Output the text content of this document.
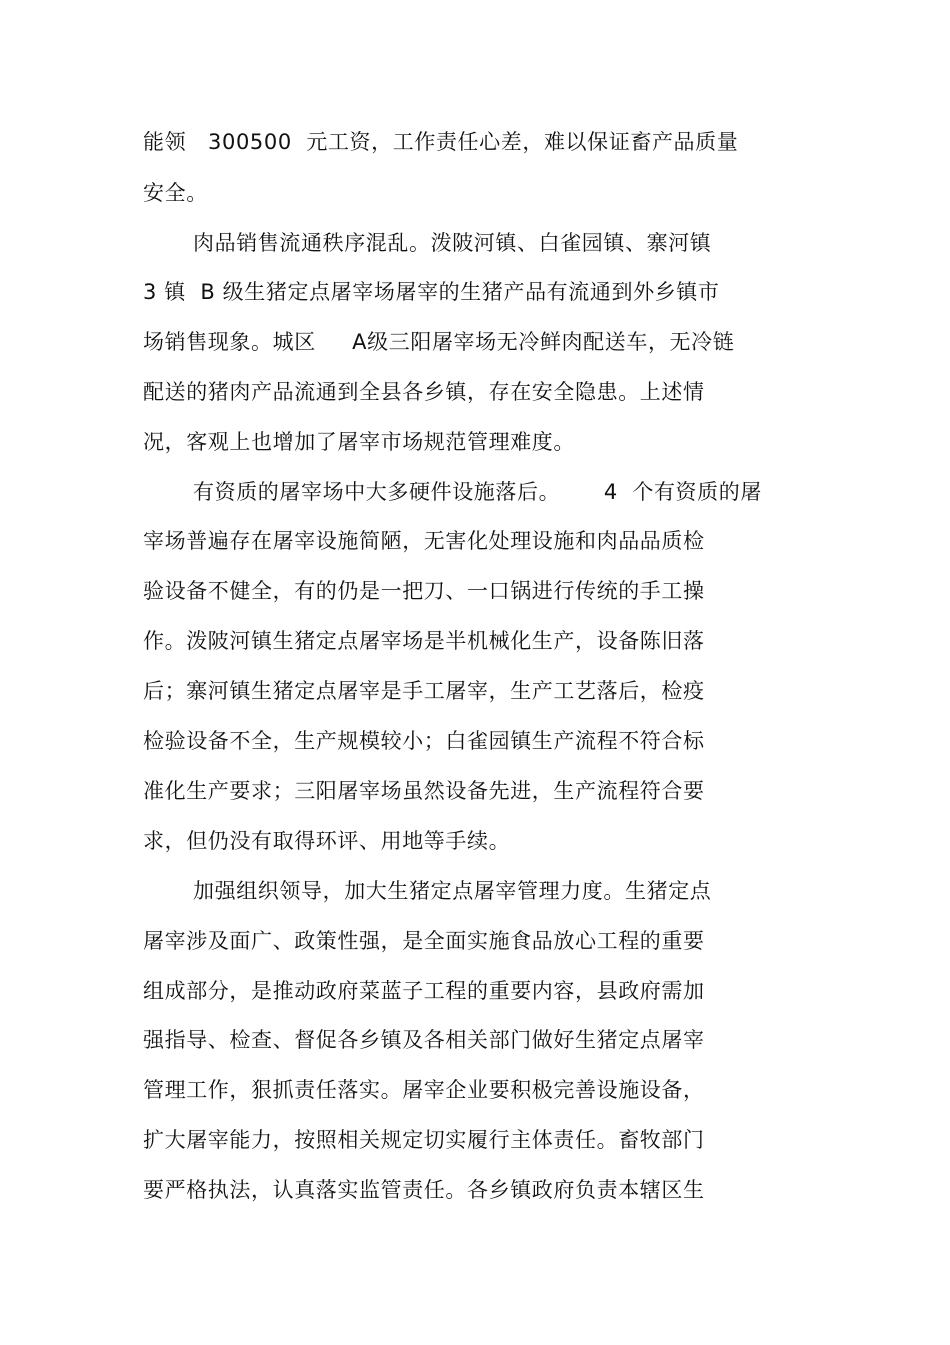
能领   300500  元工资，工作责任心差，难以保证畜产品质量
安全。
肉品销售流通秩序混乱。泼陂河镇、白雀园镇、寨河镇
3 镇  B 级生猪定点屠宰场屠宰的生猪产品有流通到外乡镇市
场销售现象。城区     A级三阳屠宰场无冷鲜肉配送车，无冷链
配送的猪肉产品流通到全县各乡镇，存在安全隐患。上述情
况，客观上也增加了屠宰市场规范管理难度。
有资质的屠宰场中大多硬件设施落后。      4  个有资质的屠
宰场普遍存在屠宰设施简陋，无害化处理设施和肉品品质检
验设备不健全，有的仍是一把刀、一口锅进行传统的手工操
作。泼陂河镇生猪定点屠宰场是半机械化生产，设备陈旧落
后；寨河镇生猪定点屠宰是手工屠宰，生产工艺落后，检疫
检验设备不全，生产规模较小；白雀园镇生产流程不符合标
准化生产要求；三阳屠宰场虽然设备先进，生产流程符合要
求，但仍没有取得环评、用地等手续。
加强组织领导，加大生猪定点屠宰管理力度。生猪定点
屠宰涉及面广、政策性强，是全面实施食品放心工程的重要
组成部分，是推动政府菜蓝子工程的重要内容，县政府需加
强指导、检查、督促各乡镇及各相关部门做好生猪定点屠宰
管理工作，狠抓责任落实。屠宰企业要积极完善设施设备，
扩大屠宰能力，按照相关规定切实履行主体责任。畜牧部门
要严格执法，认真落实监管责任。各乡镇政府负责本辖区生
